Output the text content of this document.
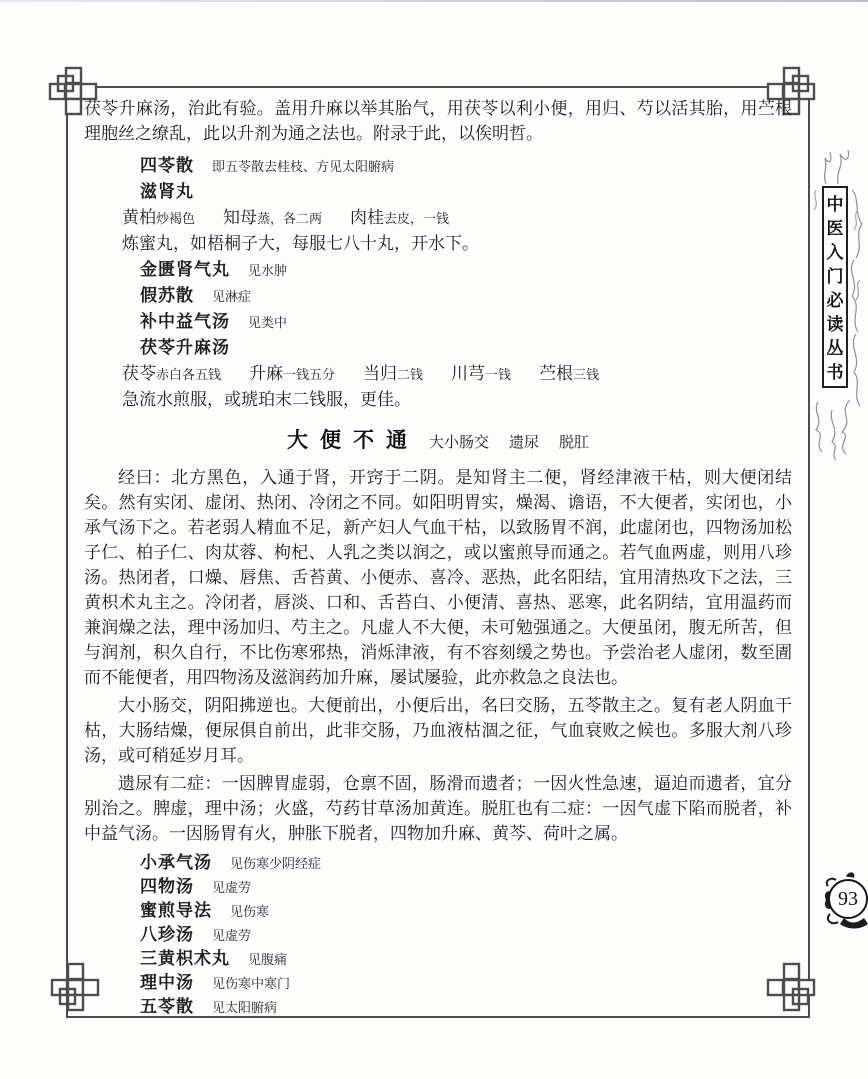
中医入门必读丛书
93

茯苓升麻汤，治此有验。盖用升麻以举其胎气，用茯苓以利小便，用归、芍以活其胎，用苎根理胞丝之缭乱，此以升剂为通之法也。附录于此，以俟明哲。

四苓散 即五苓散去桂枝、方见太阳腑病
滋肾丸
黄柏炒褐色 知母蒸，各二两 肉桂去皮，一钱
炼蜜丸，如梧桐子大，每服七八十丸，开水下。
金匮肾气丸 见水肿
假苏散 见淋症
补中益气汤 见类中
茯苓升麻汤
茯苓赤白各五钱 升麻一钱五分 当归二钱 川芎一钱 苎根三钱
急流水煎服，或琥珀末二钱服，更佳。
大便不通 大小肠交 遗尿 脱肛

经曰：北方黑色，入通于肾，开窍于二阴。是知肾主二便，肾经津液干枯，则大便闭结矣。然有实闭、虚闭、热闭、冷闭之不同。如阳明胃实，燥渴、谵语，不大便者，实闭也，小承气汤下之。若老弱人精血不足，新产妇人气血干枯，以致肠胃不润，此虚闭也，四物汤加松子仁、柏子仁、肉苁蓉、枸杞、人乳之类以润之，或以蜜煎导而通之。若气血两虚，则用八珍汤。热闭者，口燥、唇焦、舌苔黄、小便赤、喜冷、恶热，此名阳结，宜用清热攻下之法，三黄枳术丸主之。冷闭者，唇淡、口和、舌苔白、小便清、喜热、恶寒，此名阴结，宜用温药而兼润燥之法，理中汤加归、芍主之。凡虚人不大便，未可勉强通之。大便虽闭，腹无所苦，但与润剂，积久自行，不比伤寒邪热，消烁津液，有不容刻缓之势也。予尝治老人虚闭，数至圊而不能便者，用四物汤及滋润药加升麻，屡试屡验，此亦救急之良法也。

大小肠交，阴阳拂逆也。大便前出，小便后出，名曰交肠，五苓散主之。复有老人阴血干枯，大肠结燥，便尿俱自前出，此非交肠，乃血液枯涸之征，气血衰败之候也。多服大剂八珍汤，或可稍延岁月耳。

遗尿有二症：一因脾胃虚弱，仓禀不固，肠滑而遗者；一因火性急速，逼迫而遗者，宜分别治之。脾虚，理中汤；火盛，芍药甘草汤加黄连。脱肛也有二症：一因气虚下陷而脱者，补中益气汤。一因肠胃有火，肿胀下脱者，四物加升麻、黄芩、荷叶之属。

小承气汤 见伤寒少阴经症
四物汤 见虚劳
蜜煎导法 见伤寒
八珍汤 见虚劳
三黄枳术丸 见腹痛
理中汤 见伤寒中寒门
五苓散 见太阳腑病
